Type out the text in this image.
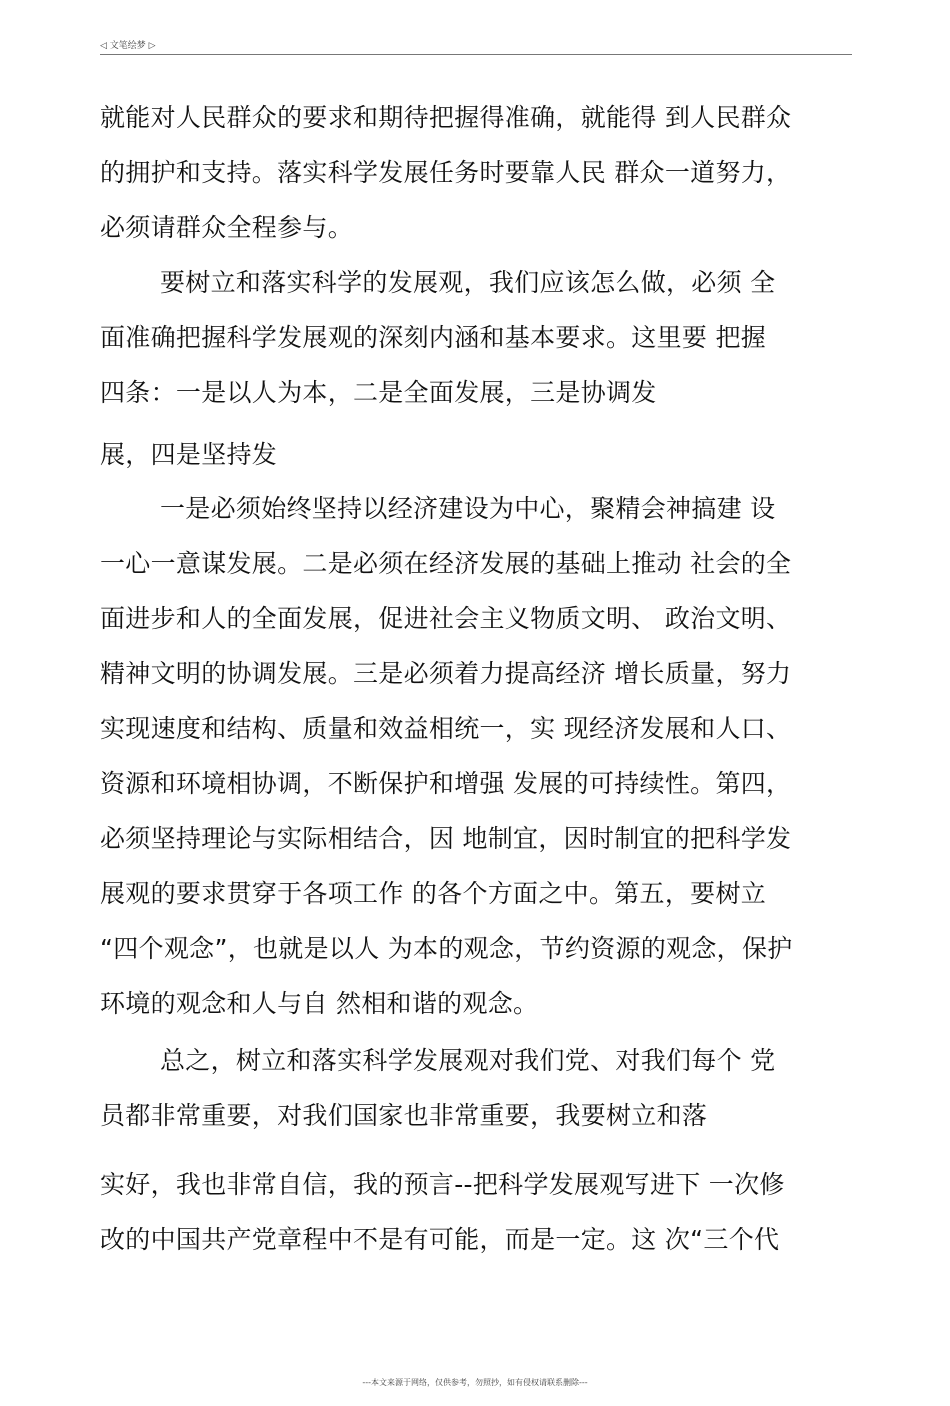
◁ 文笔绘梦 ▷
就能对人民群众的要求和期待把握得准确，就能得 到人民群众
的拥护和支持。落实科学发展任务时要靠人民 群众一道努力，
必须请群众全程参与。
要树立和落实科学的发展观，我们应该怎么做，必须 全
面准确把握科学发展观的深刻内涵和基本要求。这里要 把握
四条：一是以人为本，二是全面发展，三是协调发
展，四是坚持发
一是必须始终坚持以经济建设为中心，聚精会神搞建 设
一心一意谋发展。二是必须在经济发展的基础上推动 社会的全
面进步和人的全面发展，促进社会主义物质文明、 政治文明、
精神文明的协调发展。三是必须着力提高经济 增长质量，努力
实现速度和结构、质量和效益相统一，实 现经济发展和人口、
资源和环境相协调，不断保护和增强 发展的可持续性。第四，
必须坚持理论与实际相结合，因 地制宜，因时制宜的把科学发
展观的要求贯穿于各项工作 的各个方面之中。第五，要树立
“四个观念”，也就是以人 为本的观念，节约资源的观念，保护
环境的观念和人与自 然相和谐的观念。
总之，树立和落实科学发展观对我们党、对我们每个 党
员都非常重要，对我们国家也非常重要，我要树立和落
实好，我也非常自信，我的预言--把科学发展观写进下 一次修
改的中国共产党章程中不是有可能，而是一定。这 次“三个代
---本文来源于网络，仅供参考，勿照抄，如有侵权请联系删除---
